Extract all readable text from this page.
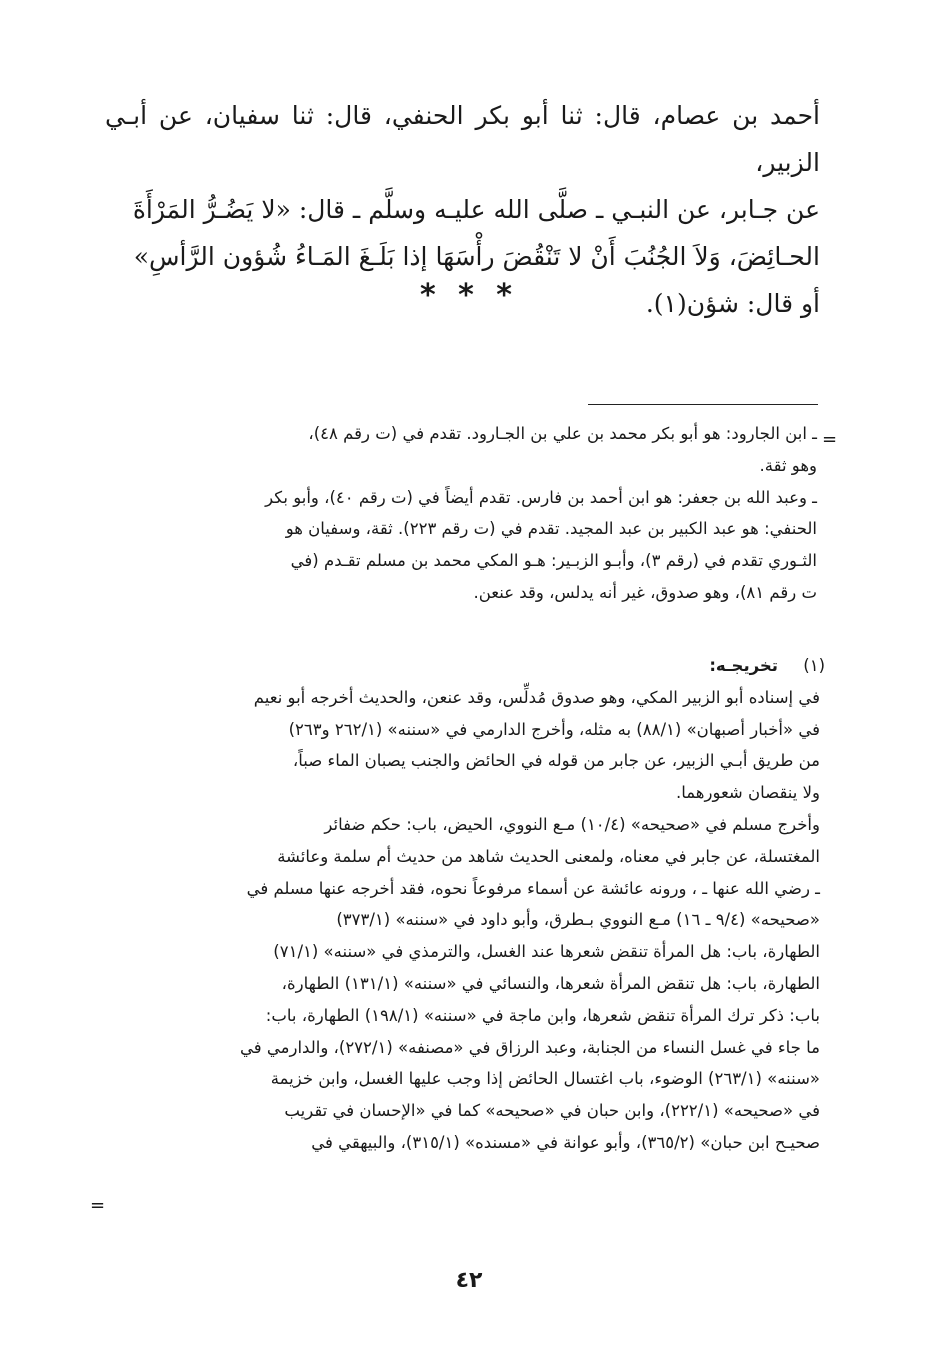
أحمد بن عصام، قال: ثنا أبو بكر الحنفي، قال: ثنا سفيان، عن أبـي الزبير،

عن جـابر، عن النبـي ـ صلَّى الله عليـه وسلَّم ـ قال: «لا يَضُـرُّ المَرْأَةَ

الحـائِضَ، وَلاَ الجُنُبَ أَنْ لا تَنْقُضَ رأْسَهَا إذا بَلَـغَ المَـاءُ شُؤون الرَّأسِ»

أو قال: شؤن(١).

* * *
=

ـ ابن الجارود: هو أبو بكر محمد بن علي بن الجـارود. تقدم في (ت رقم ٤٨)،

وهو ثقة.

ـ وعبد الله بن جعفر: هو ابن أحمد بن فارس. تقدم أيضاً في (ت رقم ٤٠)، وأبو بكر

الحنفي: هو عبد الكبير بن عبد المجيد. تقدم في (ت رقم ٢٢٣). ثقة، وسفيان هو

الثـوري تقدم في (رقم ٣)، وأبـو الزبـير: هـو المكي محمد بن مسلم تقـدم (في

ت رقم ٨١)، وهو صدوق، غير أنه يدلس، وقد عنعن.

(١)

تخريجـه:

في إسناده أبو الزبير المكي، وهو صدوق مُدلِّس، وقد عنعن، والحديث أخرجه أبو نعيم

في «أخبار أصبهان» (٨٨/١) به مثله، وأخرج الدارمي في «سننه» (٢٦٢/١ و٢٦٣)

من طريق أبـي الزبير، عن جابر من قوله في الحائض والجنب يصبان الماء صباً،

ولا ينقصان شعورهما.

وأخرج مسلم في «صحيحه» (١٠/٤) مـع النووي، الحيض، باب: حكم ضفائر

المغتسلة، عن جابر في معناه، ولمعنى الحديث شاهد من حديث أم سلمة وعائشة

ـ رضي الله عنها ـ ، ورونه عائشة عن أسماء مرفوعاً نحوه، فقد أخرجه عنها مسلم في

«صحيحه» (٩/٤ ـ ١٦) مـع النووي بـطرق، وأبو داود في «سننه» (٣٧٣/١)

الطهارة، باب: هل المرأة تنقض شعرها عند الغسل، والترمذي في «سننه» (٧١/١)

الطهارة، باب: هل تنقض المرأة شعرها، والنسائي في «سننه» (١٣١/١) الطهارة،

باب: ذكر ترك المرأة تنقض شعرها، وابن ماجة في «سننه» (١٩٨/١) الطهارة، باب:

ما جاء في غسل النساء من الجنابة، وعبد الرزاق في «مصنفه» (٢٧٢/١)، والدارمي في

«سننه» (٢٦٣/١) الوضوء، باب اغتسال الحائض إذا وجب عليها الغسل، وابن خزيمة

في «صحيحه» (٢٢٢/١)، وابن حبان في «صحيحه» كما في «الإحسان في تقريب

صحيـح ابن حبان» (٣٦٥/٢)، وأبو عوانة في «مسنده» (٣١٥/١)، والبيهقي في

=
٤٢
